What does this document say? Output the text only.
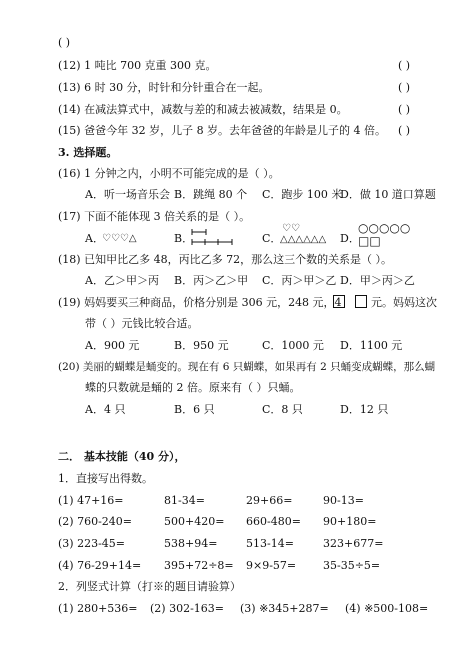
( )
(12) 1 吨比 700 克重 300 克。	( )
(13) 6 时 30 分，时针和分针重合在一起。	( )
(14) 在减法算式中，减数与差的和减去被减数，结果是 0。	( )
(15) 爸爸今年 32 岁，儿子 8 岁。去年爸爸的年龄是儿子的 4 倍。 ( )
3. 选择题。
(16) 1 分钟之内，小明不可能完成的是（ ）。
A．听一场音乐会 B．跳绳 80 个 C．跑步 100 米
D．做 10 道口算题
(17) 下面不能体现 3 倍关系的是（ ）。
A．
♡♡♡△	B．	C．
♡♡
△△△△△△ D．
○○○○○
□□
(18) 已知甲比乙多 48，丙比乙多 72，那么这三个数的关系是（ ）。
A．乙＞甲＞丙 B．丙＞乙＞甲 C．丙＞甲＞乙 D．甲＞丙＞乙
(19) 妈妈要买三种商品，价格分别是 306 元，248 元，4	元。妈妈这次
带（ ）元钱比较合适。
A．900 元	B．950 元	C．1000 元 D．1100 元
(20) 美丽的蝴蝶是蛹变的。现在有 6 只蝴蝶，如果再有 2 只蛹变成蝴蝶，那么蝴
蝶的只数就是蛹的 2 倍。原来有（ ）只蛹。
A．4 只	B．6 只	C．8 只	D．12 只
二． 基本技能（40 分），
1．直接写出得数。
(1) 47+16=	81-34=	29+66=	90-13=
(2) 760-240=	500+420= 660-480= 90+180=
(3) 223-45=	538+94=	513-14=	323+677=
(4) 76-29+14= 395+72÷8= 9×9-57= 35-35÷5=
2．列竖式计算（打※的题目请验算）
(1) 280+536= (2) 302-163= (3) ※345+287= (4) ※500-108=
